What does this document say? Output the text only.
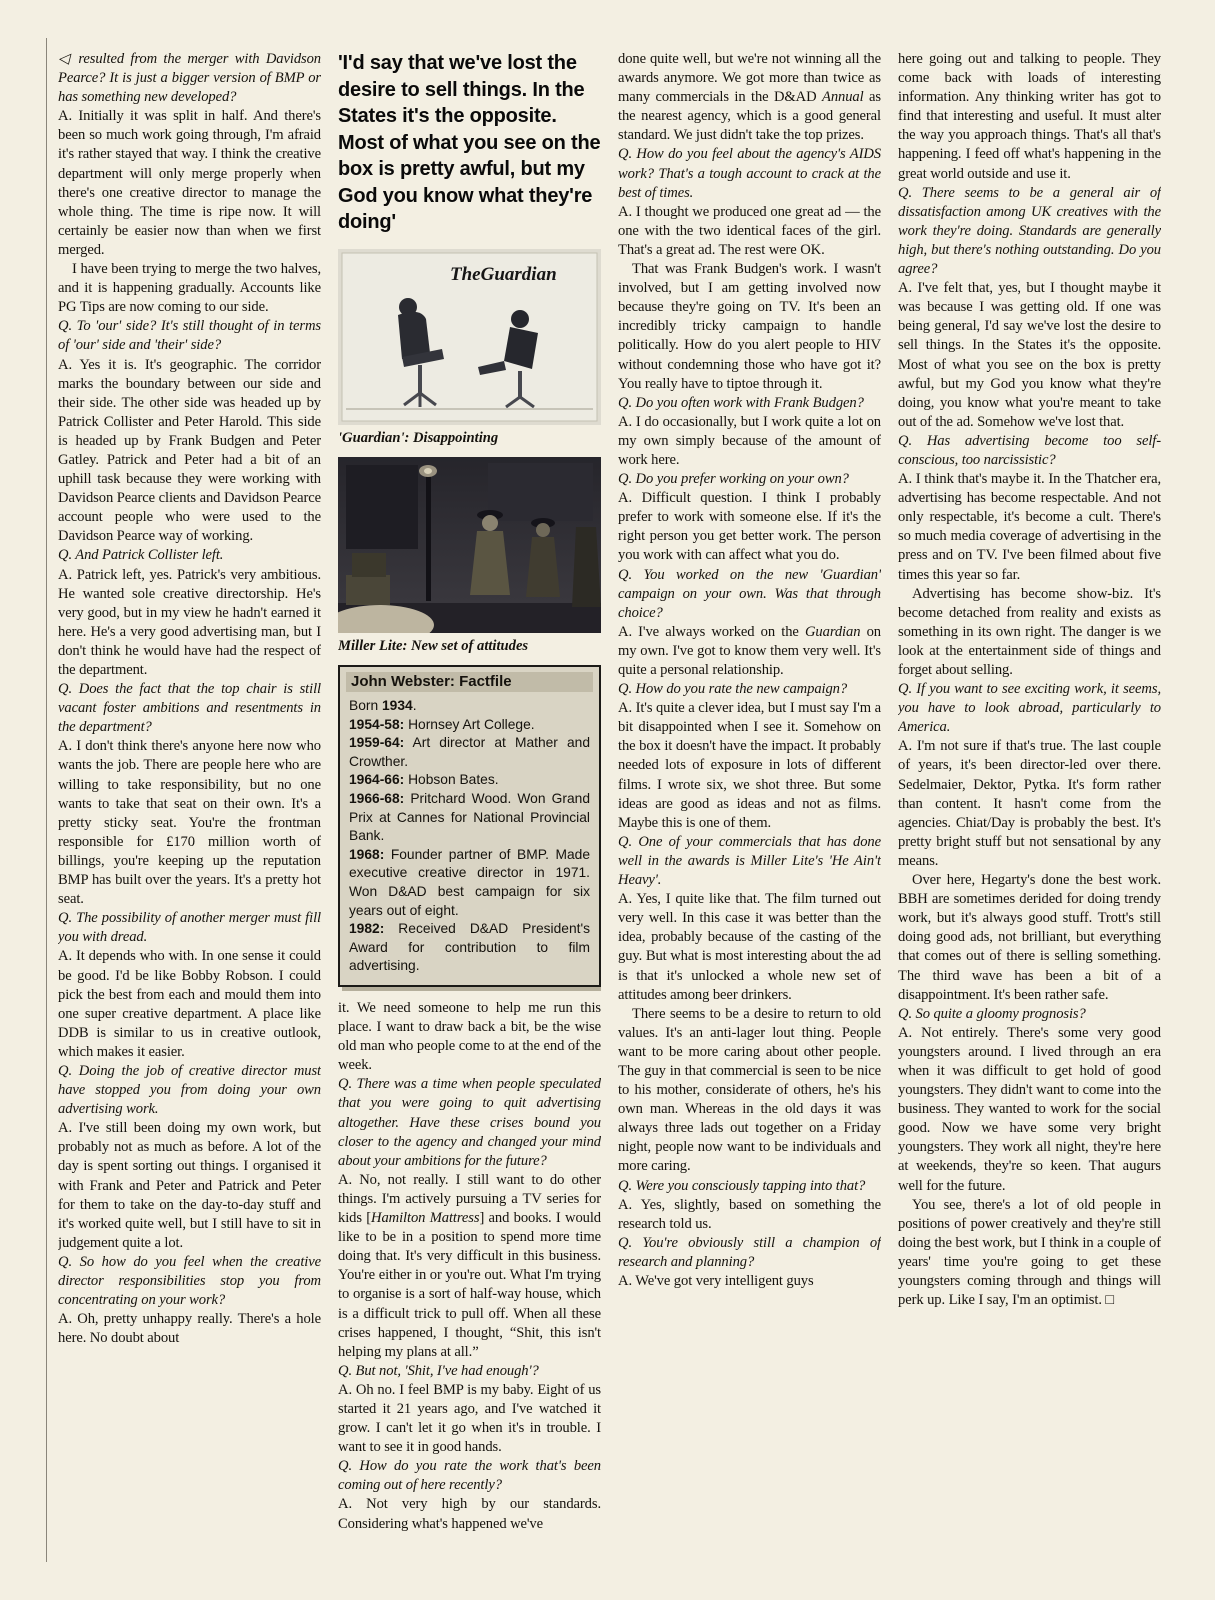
◁ resulted from the merger with Davidson Pearce? It is just a bigger version of BMP or has something new developed?

A. Initially it was split in half. And there's been so much work going through, I'm afraid it's rather stayed that way. I think the creative department will only merge properly when there's one creative director to manage the whole thing. The time is ripe now. It will certainly be easier now than when we first merged.

I have been trying to merge the two halves, and it is happening gradually. Accounts like PG Tips are now coming to our side.

Q. To 'our' side? It's still thought of in terms of 'our' side and 'their' side?

A. Yes it is. It's geographic. The corridor marks the boundary between our side and their side. The other side was headed up by Patrick Collister and Peter Harold. This side is headed up by Frank Budgen and Peter Gatley. Patrick and Peter had a bit of an uphill task because they were working with Davidson Pearce clients and Davidson Pearce account people who were used to the Davidson Pearce way of working.

Q. And Patrick Collister left.

A. Patrick left, yes. Patrick's very ambitious. He wanted sole creative directorship. He's very good, but in my view he hadn't earned it here. He's a very good advertising man, but I don't think he would have had the respect of the department.

Q. Does the fact that the top chair is still vacant foster ambitions and resentments in the department?

A. I don't think there's anyone here now who wants the job. There are people here who are willing to take responsibility, but no one wants to take that seat on their own. It's a pretty sticky seat. You're the frontman responsible for £170 million worth of billings, you're keeping up the reputation BMP has built over the years. It's a pretty hot seat.

Q. The possibility of another merger must fill you with dread.

A. It depends who with. In one sense it could be good. I'd be like Bobby Robson. I could pick the best from each and mould them into one super creative department. A place like DDB is similar to us in creative outlook, which makes it easier.

Q. Doing the job of creative director must have stopped you from doing your own advertising work.

A. I've still been doing my own work, but probably not as much as before. A lot of the day is spent sorting out things. I organised it with Frank and Peter and Patrick and Peter for them to take on the day-to-day stuff and it's worked quite well, but I still have to sit in judgement quite a lot.

Q. So how do you feel when the creative director responsibilities stop you from concentrating on your work?

A. Oh, pretty unhappy really. There's a hole here. No doubt about

'I'd say that we've lost the desire to sell things. In the States it's the opposite. Most of what you see on the box is pretty awful, but my God you know what they're doing'
TheGuardian
'Guardian': Disappointing
Miller Lite: New set of attitudes
John Webster: Factfile
Born 1934.
1954-58: Hornsey Art College.
1959-64: Art director at Mather and Crowther.
1964-66: Hobson Bates.
1966-68: Pritchard Wood. Won Grand Prix at Cannes for National Provincial Bank.
1968: Founder partner of BMP. Made executive creative director in 1971. Won D&AD best campaign for six years out of eight.
1982: Received D&AD President's Award for contribution to film advertising.

it. We need someone to help me run this place. I want to draw back a bit, be the wise old man who people come to at the end of the week.

Q. There was a time when people speculated that you were going to quit advertising altogether. Have these crises bound you closer to the agency and changed your mind about your ambitions for the future?

A. No, not really. I still want to do other things. I'm actively pursuing a TV series for kids [Hamilton Mattress] and books. I would like to be in a position to spend more time doing that. It's very difficult in this business. You're either in or you're out. What I'm trying to organise is a sort of half-way house, which is a difficult trick to pull off. When all these crises happened, I thought, “Shit, this isn't helping my plans at all.”

Q. But not, 'Shit, I've had enough'?

A. Oh no. I feel BMP is my baby. Eight of us started it 21 years ago, and I've watched it grow. I can't let it go when it's in trouble. I want to see it in good hands.

Q. How do you rate the work that's been coming out of here recently?

A. Not very high by our standards. Considering what's happened we've

done quite well, but we're not winning all the awards anymore. We got more than twice as many commercials in the D&AD Annual as the nearest agency, which is a good general standard. We just didn't take the top prizes.

Q. How do you feel about the agency's AIDS work? That's a tough account to crack at the best of times.

A. I thought we produced one great ad — the one with the two identical faces of the girl. That's a great ad. The rest were OK.

That was Frank Budgen's work. I wasn't involved, but I am getting involved now because they're going on TV. It's been an incredibly tricky campaign to handle politically. How do you alert people to HIV without condemning those who have got it? You really have to tiptoe through it.

Q. Do you often work with Frank Budgen?

A. I do occasionally, but I work quite a lot on my own simply because of the amount of work here.

Q. Do you prefer working on your own?

A. Difficult question. I think I probably prefer to work with someone else. If it's the right person you get better work. The person you work with can affect what you do.

Q. You worked on the new 'Guardian' campaign on your own. Was that through choice?

A. I've always worked on the Guardian on my own. I've got to know them very well. It's quite a personal relationship.

Q. How do you rate the new campaign?

A. It's quite a clever idea, but I must say I'm a bit disappointed when I see it. Somehow on the box it doesn't have the impact. It probably needed lots of exposure in lots of different films. I wrote six, we shot three. But some ideas are good as ideas and not as films. Maybe this is one of them.

Q. One of your commercials that has done well in the awards is Miller Lite's 'He Ain't Heavy'.

A. Yes, I quite like that. The film turned out very well. In this case it was better than the idea, probably because of the casting of the guy. But what is most interesting about the ad is that it's unlocked a whole new set of attitudes among beer drinkers.

There seems to be a desire to return to old values. It's an anti-lager lout thing. People want to be more caring about other people. The guy in that commercial is seen to be nice to his mother, considerate of others, he's his own man. Whereas in the old days it was always three lads out together on a Friday night, people now want to be individuals and more caring.

Q. Were you consciously tapping into that?

A. Yes, slightly, based on something the research told us.

Q. You're obviously still a champion of research and planning?

A. We've got very intelligent guys

here going out and talking to people. They come back with loads of interesting information. Any thinking writer has got to find that interesting and useful. It must alter the way you approach things. That's all that's happening. I feed off what's happening in the great world outside and use it.

Q. There seems to be a general air of dissatisfaction among UK creatives with the work they're doing. Standards are generally high, but there's nothing outstanding. Do you agree?

A. I've felt that, yes, but I thought maybe it was because I was getting old. If one was being general, I'd say we've lost the desire to sell things. In the States it's the opposite. Most of what you see on the box is pretty awful, but my God you know what they're doing, you know what you're meant to take out of the ad. Somehow we've lost that.

Q. Has advertising become too self-conscious, too narcissistic?

A. I think that's maybe it. In the Thatcher era, advertising has become respectable. And not only respectable, it's become a cult. There's so much media coverage of advertising in the press and on TV. I've been filmed about five times this year so far.

Advertising has become show-biz. It's become detached from reality and exists as something in its own right. The danger is we look at the entertainment side of things and forget about selling.

Q. If you want to see exciting work, it seems, you have to look abroad, particularly to America.

A. I'm not sure if that's true. The last couple of years, it's been director-led over there. Sedelmaier, Dektor, Pytka. It's form rather than content. It hasn't come from the agencies. Chiat/Day is probably the best. It's pretty bright stuff but not sensational by any means.

Over here, Hegarty's done the best work. BBH are sometimes derided for doing trendy work, but it's always good stuff. Trott's still doing good ads, not brilliant, but everything that comes out of there is selling something. The third wave has been a bit of a disappointment. It's been rather safe.

Q. So quite a gloomy prognosis?

A. Not entirely. There's some very good youngsters around. I lived through an era when it was difficult to get hold of good youngsters. They didn't want to come into the business. They wanted to work for the social good. Now we have some very bright youngsters. They work all night, they're here at weekends, they're so keen. That augurs well for the future.

You see, there's a lot of old people in positions of power creatively and they're still doing the best work, but I think in a couple of years' time you're going to get these youngsters coming through and things will perk up. Like I say, I'm an optimist. □
